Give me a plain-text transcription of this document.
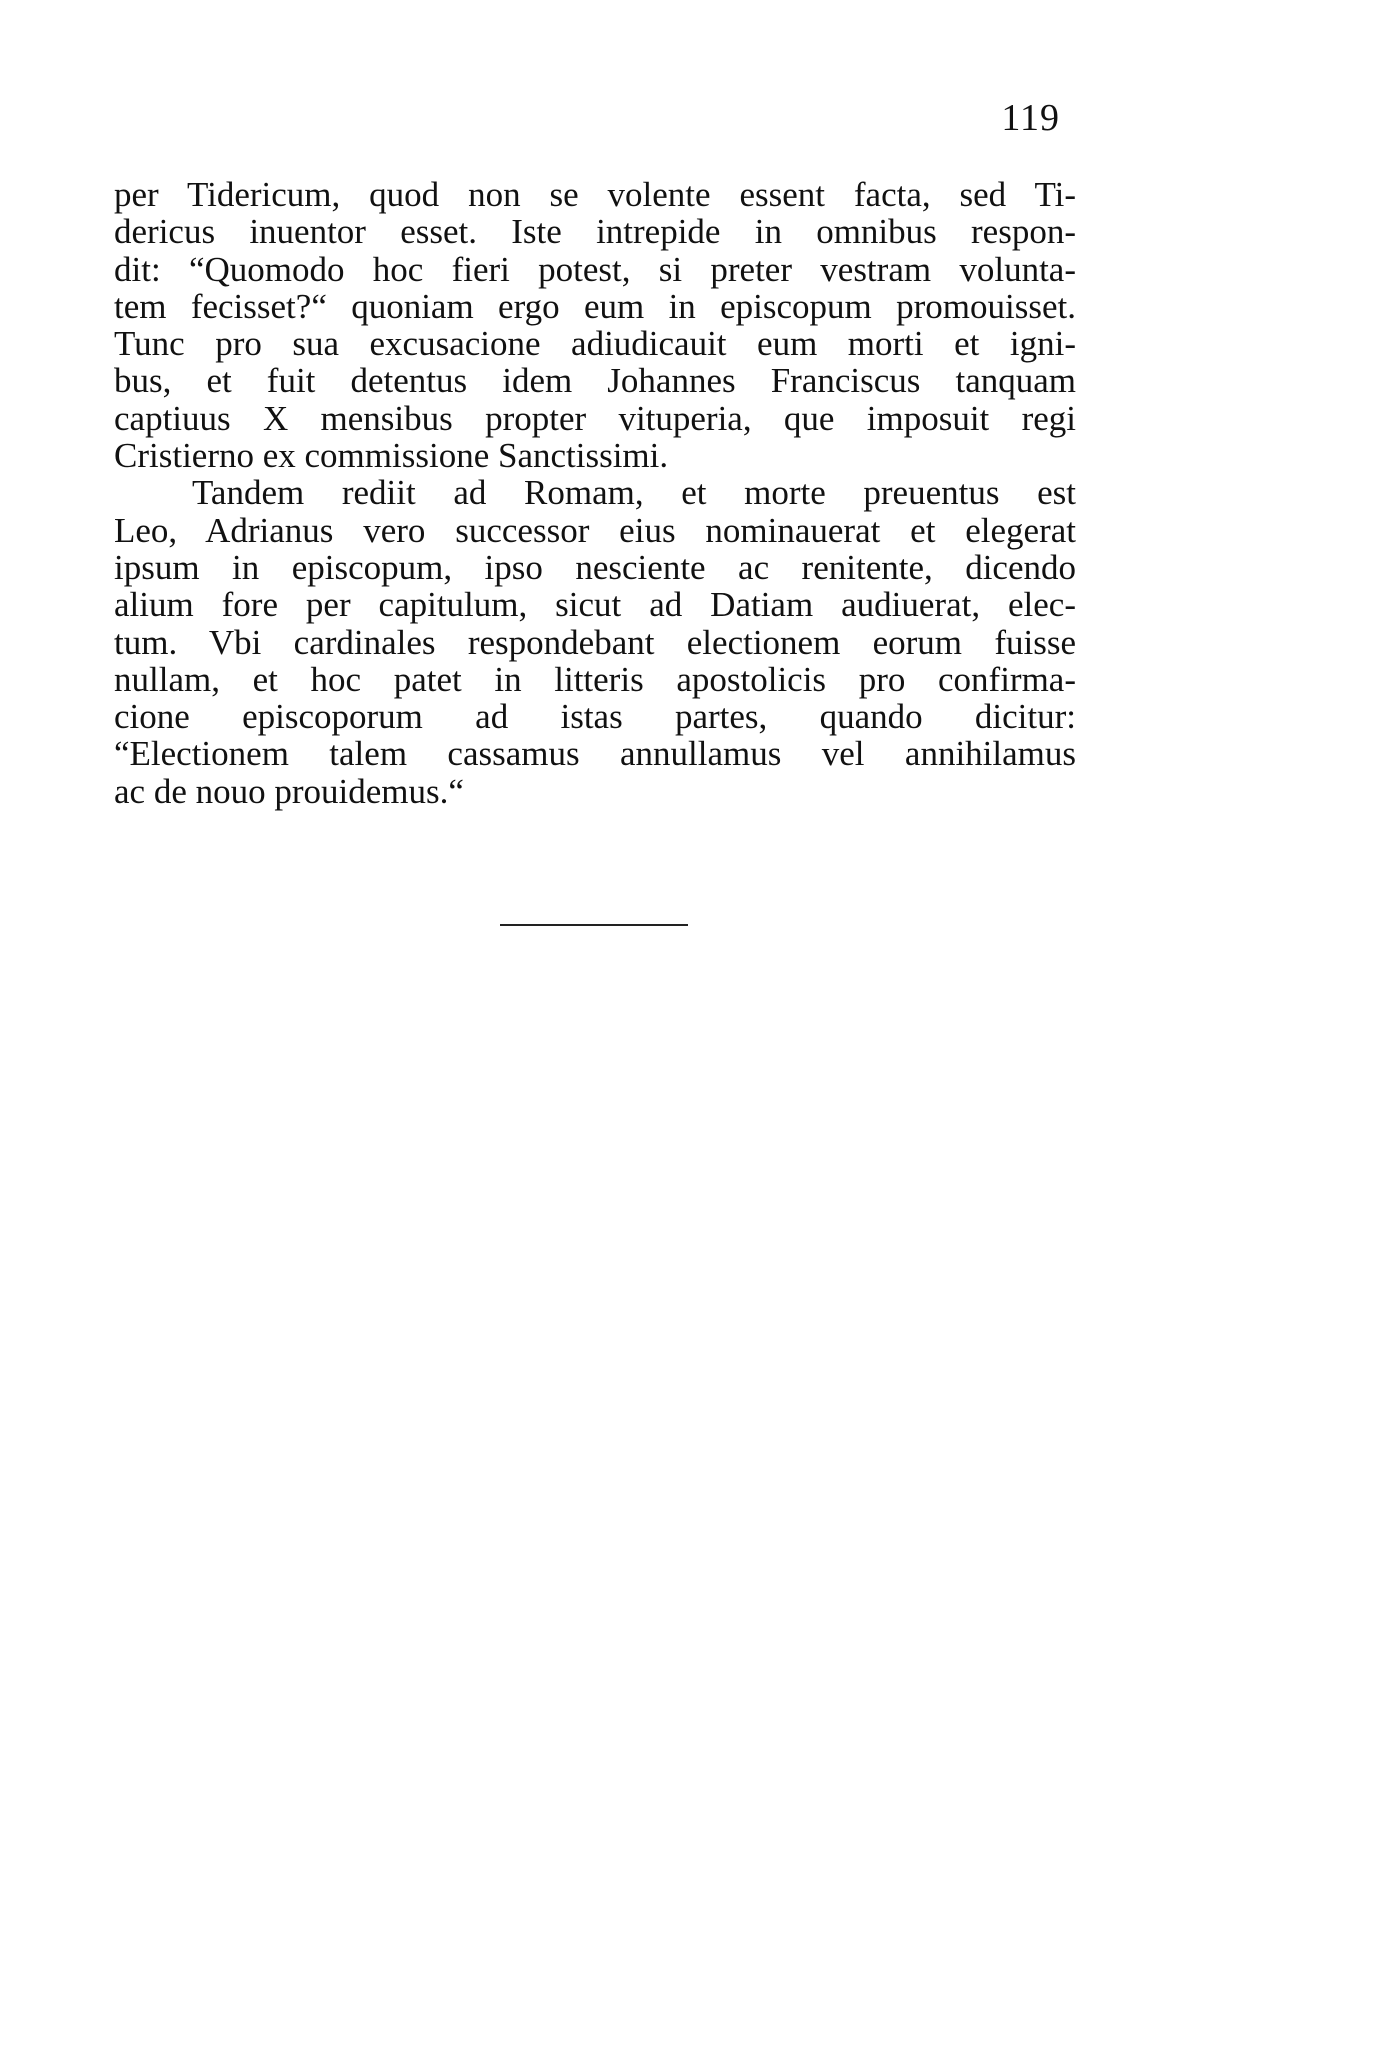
119
per Tidericum, quod non se volente essent facta, sed Ti-
dericus inuentor esset. Iste intrepide in omnibus respon-
dit: “Quomodo hoc fieri potest, si preter vestram volunta-
tem fecisset?“ quoniam ergo eum in episcopum promouisset.
Tunc pro sua excusacione adiudicauit eum morti et igni-
bus, et fuit detentus idem Johannes Franciscus tanquam
captiuus X mensibus propter vituperia, que imposuit regi
Cristierno ex commissione Sanctissimi.
Tandem rediit ad Romam, et morte preuentus est
Leo, Adrianus vero successor eius nominauerat et elegerat
ipsum in episcopum, ipso nesciente ac renitente, dicendo
alium fore per capitulum, sicut ad Datiam audiuerat, elec-
tum. Vbi cardinales respondebant electionem eorum fuisse
nullam, et hoc patet in litteris apostolicis pro confirma-
cione episcoporum ad istas partes, quando dicitur:
“Electionem talem cassamus annullamus vel annihilamus
ac de nouo prouidemus.“
